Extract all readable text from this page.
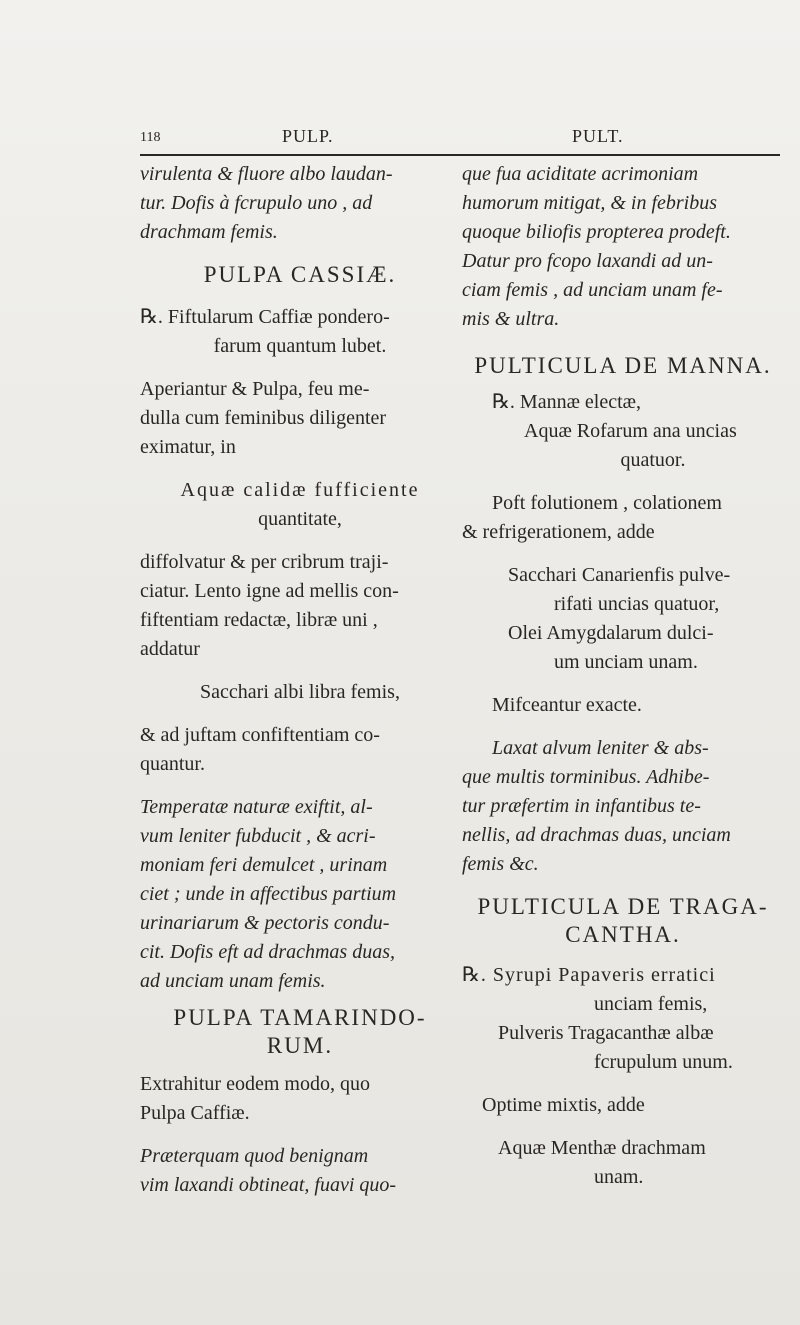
118	PULP.	PULT.

virulenta & fluore albo laudan-

tur. Dofis à fcrupulo uno , ad

drachmam femis.

PULPA CASSIÆ.

℞. Fiftularum Caffiæ pondero-

farum quantum lubet.

Aperiantur & Pulpa, feu me-

dulla cum feminibus diligenter

eximatur, in

Aquæ calidæ fufficiente

quantitate,

diffolvatur & per cribrum traji-

ciatur. Lento igne ad mellis con-

fiftentiam redactæ, libræ uni ,

addatur

Sacchari albi libra femis,

& ad juftam confiftentiam co-

quantur.

Temperatæ naturæ exiftit, al-

vum leniter fubducit , & acri-

moniam feri demulcet , urinam

ciet ; unde in affectibus partium

urinariarum & pectoris condu-

cit. Dofis eft ad drachmas duas,

ad unciam unam femis.

PULPA TAMARINDO-
RUM.

Extrahitur eodem modo, quo

Pulpa Caffiæ.

Præterquam quod benignam

vim laxandi obtineat, fuavi quo-

que fua aciditate acrimoniam

humorum mitigat, & in febribus

quoque biliofis propterea prodeft.

Datur pro fcopo laxandi ad un-

ciam femis , ad unciam unam fe-

mis & ultra.

PULTICULA DE MANNA.

℞. Mannæ electæ,

Aquæ Rofarum ana uncias

quatuor.

Poft folutionem , colationem

& refrigerationem, adde

Sacchari Canarienfis pulve-

rifati uncias quatuor,

Olei Amygdalarum dulci-

um unciam unam.

Mifceantur exacte.

Laxat alvum leniter & abs-

que multis torminibus. Adhibe-

tur præfertim in infantibus te-

nellis, ad drachmas duas, unciam

femis &c.

PULTICULA DE TRAGA-
CANTHA.

℞. Syrupi Papaveris erratici

unciam femis,

Pulveris Tragacanthæ albæ

fcrupulum unum.

Optime mixtis, adde

Aquæ Menthæ drachmam

unam.
